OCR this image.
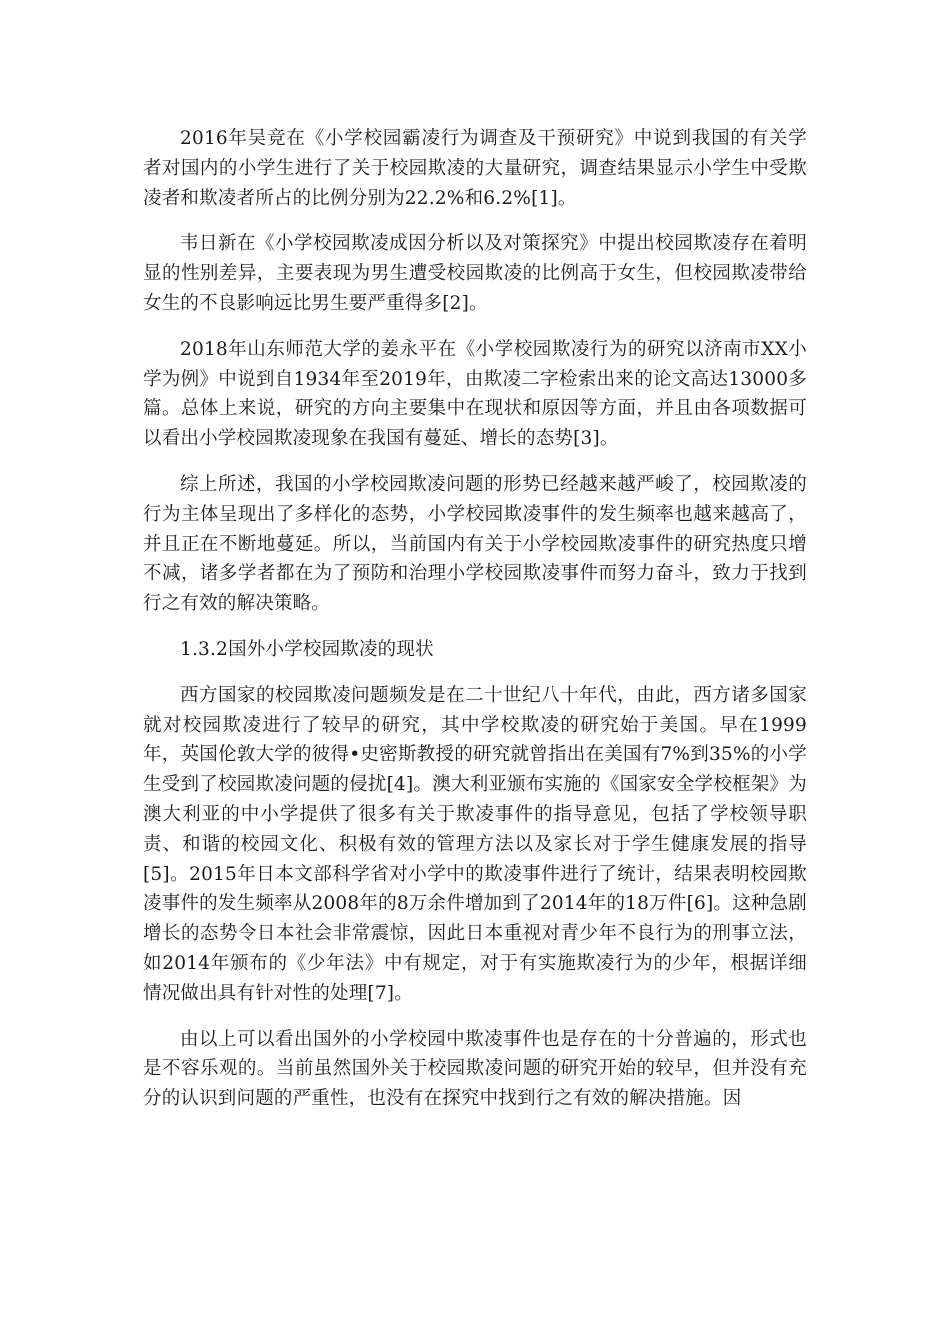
2016年吴竞在《小学校园霸凌行为调查及干预研究》中说到我国的有关学者对国内的小学生进行了关于校园欺凌的大量研究，调查结果显示小学生中受欺凌者和欺凌者所占的比例分别为22.2%和6.2%[1]。

韦日新在《小学校园欺凌成因分析以及对策探究》中提出校园欺凌存在着明显的性别差异，主要表现为男生遭受校园欺凌的比例高于女生，但校园欺凌带给女生的不良影响远比男生要严重得多[2]。

2018年山东师范大学的姜永平在《小学校园欺凌行为的研究以济南市XX小学为例》中说到自1934年至2019年，由欺凌二字检索出来的论文高达13000多篇。总体上来说，研究的方向主要集中在现状和原因等方面，并且由各项数据可以看出小学校园欺凌现象在我国有蔓延、增长的态势[3]。

综上所述，我国的小学校园欺凌问题的形势已经越来越严峻了，校园欺凌的行为主体呈现出了多样化的态势，小学校园欺凌事件的发生频率也越来越高了，并且正在不断地蔓延。所以，当前国内有关于小学校园欺凌事件的研究热度只增不减，诸多学者都在为了预防和治理小学校园欺凌事件而努力奋斗，致力于找到行之有效的解决策略。

1.3.2国外小学校园欺凌的现状

西方国家的校园欺凌问题频发是在二十世纪八十年代，由此，西方诸多国家就对校园欺凌进行了较早的研究，其中学校欺凌的研究始于美国。早在1999年，英国伦敦大学的彼得•史密斯教授的研究就曾指出在美国有7%到35%的小学生受到了校园欺凌问题的侵扰[4]。澳大利亚颁布实施的《国家安全学校框架》为澳大利亚的中小学提供了很多有关于欺凌事件的指导意见，包括了学校领导职责、和谐的校园文化、积极有效的管理方法以及家长对于学生健康发展的指导[5]。2015年日本文部科学省对小学中的欺凌事件进行了统计，结果表明校园欺凌事件的发生频率从2008年的8万余件增加到了2014年的18万件[6]。这种急剧增长的态势令日本社会非常震惊，因此日本重视对青少年不良行为的刑事立法，如2014年颁布的《少年法》中有规定，对于有实施欺凌行为的少年，根据详细情况做出具有针对性的处理[7]。

由以上可以看出国外的小学校园中欺凌事件也是存在的十分普遍的，形式也是不容乐观的。当前虽然国外关于校园欺凌问题的研究开始的较早，但并没有充分的认识到问题的严重性，也没有在探究中找到行之有效的解决措施。因
